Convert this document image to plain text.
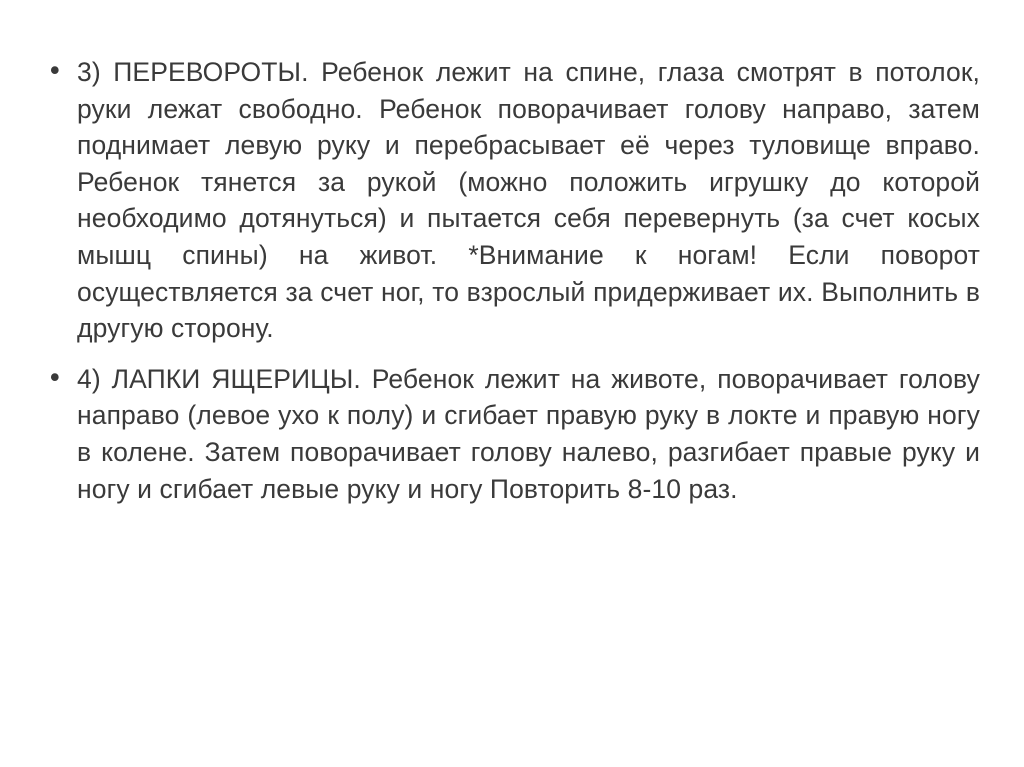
• 3) ПЕРЕВОРОТЫ. Ребенок лежит на спине, глаза смотрят в потолок, руки лежат свободно. Ребенок поворачивает голову направо, затем поднимает левую руку и перебрасывает её через туловище вправо. Ребенок тянется за рукой (можно положить игрушку до которой необходимо дотянуться) и пытается себя перевернуть (за счет косых мышц спины) на живот. *Внимание к ногам! Если поворот осуществляется за счет ног, то взрослый придерживает их. Выполнить в другую сторону.
• 4) ЛАПКИ ЯЩЕРИЦЫ. Ребенок лежит на животе, поворачивает голову направо (левое ухо к полу) и сгибает правую руку в локте и правую ногу в колене. Затем поворачивает голову налево, разгибает правые руку и ногу и сгибает левые руку и ногу Повторить 8-10 раз.
